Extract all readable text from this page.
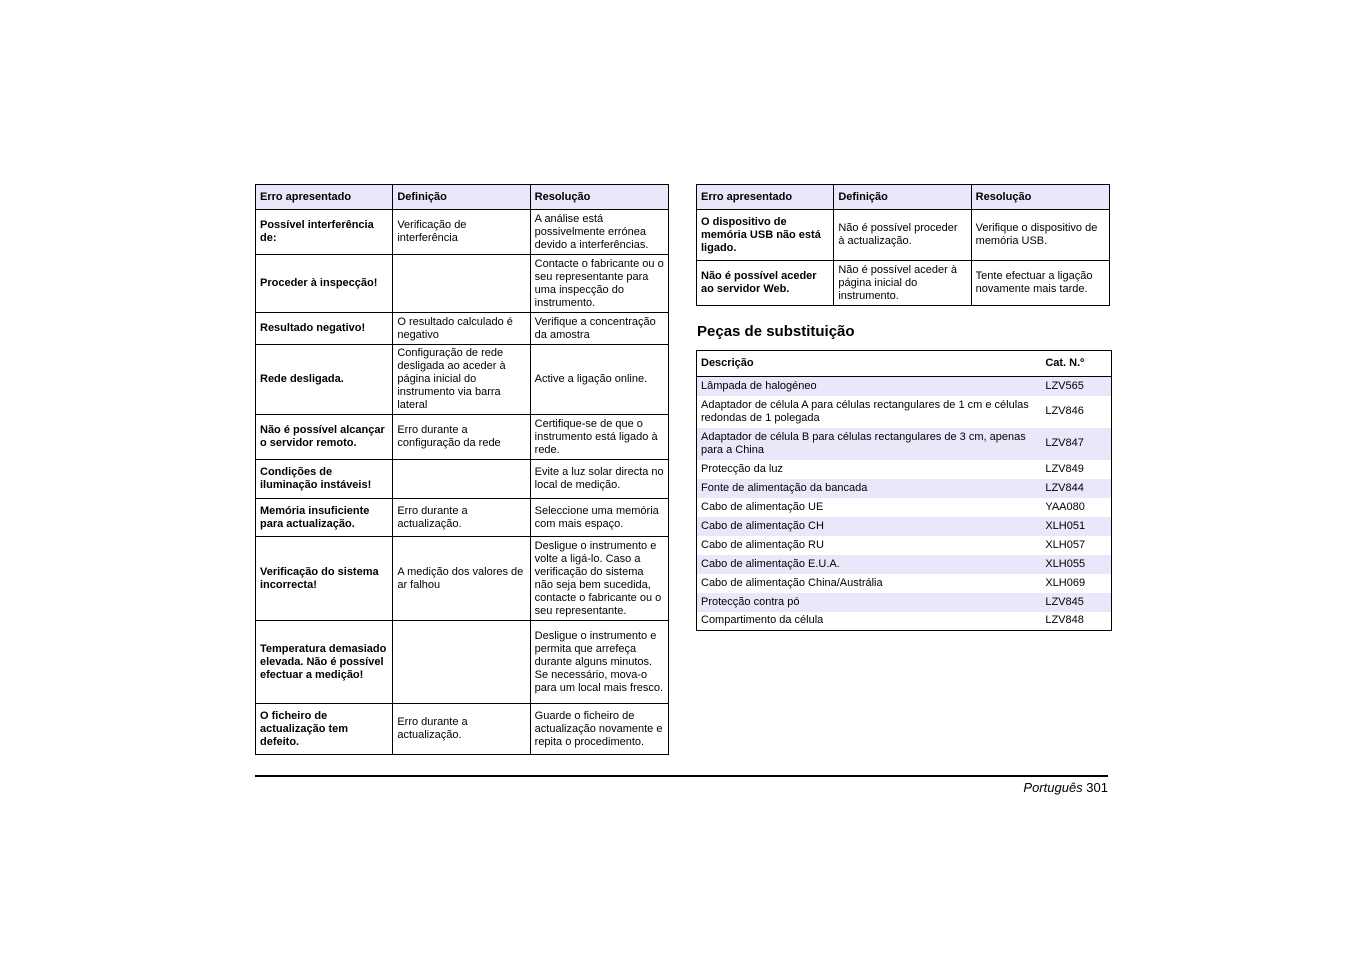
Erro apresentado	Definição	Resolução
Possível interferência de:	Verificação de interferência	A análise está possivelmente errónea devido a interferências.
Proceder à inspecção!		Contacte o fabricante ou o seu representante para uma inspecção do instrumento.
Resultado negativo!	O resultado calculado é negativo	Verifique a concentração da amostra
Rede desligada.	Configuração de rede desligada ao aceder à página inicial do instrumento via barra lateral	Active a ligação online.
Não é possível alcançar o servidor remoto.	Erro durante a configuração da rede	Certifique-se de que o instrumento está ligado à rede.
Condições de iluminação instáveis!		Evite a luz solar directa no local de medição.
Memória insuficiente para actualização.	Erro durante a actualização.	Seleccione uma memória com mais espaço.
Verificação do sistema incorrecta!	A medição dos valores de ar falhou	Desligue o instrumento e volte a ligá-lo. Caso a verificação do sistema não seja bem sucedida, contacte o fabricante ou o seu representante.
Temperatura demasiado elevada. Não é possível efectuar a medição!		Desligue o instrumento e permita que arrefeça durante alguns minutos. Se necessário, mova-o para um local mais fresco.
O ficheiro de actualização tem defeito.	Erro durante a actualização.	Guarde o ficheiro de actualização novamente e repita o procedimento.
Erro apresentado	Definição	Resolução
O dispositivo de memória USB não está ligado.	Não é possível proceder à actualização.	Verifique o dispositivo de memória USB.
Não é possível aceder ao servidor Web.	Não é possível aceder à página inicial do instrumento.	Tente efectuar a ligação novamente mais tarde.
Peças de substituição
Descrição	Cat. N.º
Lâmpada de halogéneo	LZV565
Adaptador de célula A para células rectangulares de 1 cm e células redondas de 1 polegada	LZV846
Adaptador de célula B para células rectangulares de 3 cm, apenas para a China	LZV847
Protecção da luz	LZV849
Fonte de alimentação da bancada	LZV844
Cabo de alimentação UE	YAA080
Cabo de alimentação CH	XLH051
Cabo de alimentação RU	XLH057
Cabo de alimentação E.U.A.	XLH055
Cabo de alimentação China/Austrália	XLH069
Protecção contra pó	LZV845
Compartimento da célula	LZV848
Português 301
